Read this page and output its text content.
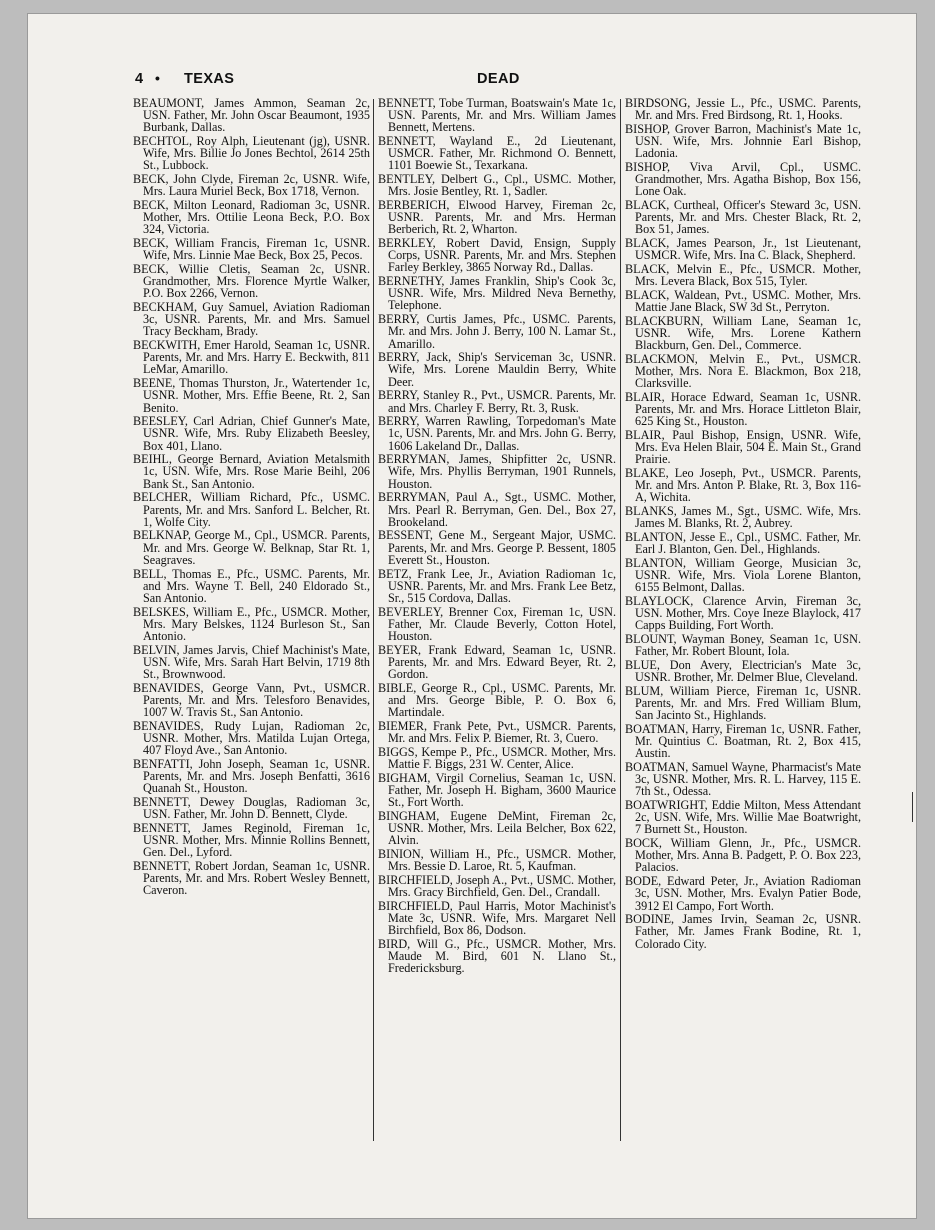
4 • TEXAS	DEAD

BEAUMONT, James Ammon, Seaman 2c, USN. Father, Mr. John Oscar Beaumont, 1935 Burbank, Dallas.

BECHTOL, Roy Alph, Lieutenant (jg), USNR. Wife, Mrs. Billie Jo Jones Bechtol, 2614 25th St., Lubbock.

BECK, John Clyde, Fireman 2c, USNR. Wife, Mrs. Laura Muriel Beck, Box 1718, Vernon.

BECK, Milton Leonard, Radioman 3c, USNR. Mother, Mrs. Ottilie Leona Beck, P.O. Box 324, Victoria.

BECK, William Francis, Fireman 1c, USNR. Wife, Mrs. Linnie Mae Beck, Box 25, Pecos.

BECK, Willie Cletis, Seaman 2c, USNR. Grandmother, Mrs. Florence Myrtle Walker, P.O. Box 2266, Vernon.

BECKHAM, Guy Samuel, Aviation Radioman 3c, USNR. Parents, Mr. and Mrs. Samuel Tracy Beckham, Brady.

BECKWITH, Emer Harold, Seaman 1c, USNR. Parents, Mr. and Mrs. Harry E. Beckwith, 811 LeMar, Amarillo.

BEENE, Thomas Thurston, Jr., Watertender 1c, USNR. Mother, Mrs. Effie Beene, Rt. 2, San Benito.

BEESLEY, Carl Adrian, Chief Gunner's Mate, USNR. Wife, Mrs. Ruby Elizabeth Beesley, Box 401, Llano.

BEIHL, George Bernard, Aviation Metalsmith 1c, USN. Wife, Mrs. Rose Marie Beihl, 206 Bank St., San Antonio.

BELCHER, William Richard, Pfc., USMC. Parents, Mr. and Mrs. Sanford L. Belcher, Rt. 1, Wolfe City.

BELKNAP, George M., Cpl., USMCR. Parents, Mr. and Mrs. George W. Belknap, Star Rt. 1, Seagraves.

BELL, Thomas E., Pfc., USMC. Parents, Mr. and Mrs. Wayne T. Bell, 240 Eldorado St., San Antonio.

BELSKES, William E., Pfc., USMCR. Mother, Mrs. Mary Belskes, 1124 Burleson St., San Antonio.

BELVIN, James Jarvis, Chief Machinist's Mate, USN. Wife, Mrs. Sarah Hart Belvin, 1719 8th St., Brownwood.

BENAVIDES, George Vann, Pvt., USMCR. Parents, Mr. and Mrs. Telesforo Benavides, 1007 W. Travis St., San Antonio.

BENAVIDES, Rudy Lujan, Radioman 2c, USNR. Mother, Mrs. Matilda Lujan Ortega, 407 Floyd Ave., San Antonio.

BENFATTI, John Joseph, Seaman 1c, USNR. Parents, Mr. and Mrs. Joseph Benfatti, 3616 Quanah St., Houston.

BENNETT, Dewey Douglas, Radioman 3c, USN. Father, Mr. John D. Bennett, Clyde.

BENNETT, James Reginold, Fireman 1c, USNR. Mother, Mrs. Minnie Rollins Bennett, Gen. Del., Lyford.

BENNETT, Robert Jordan, Seaman 1c, USNR. Parents, Mr. and Mrs. Robert Wesley Bennett, Caveron.

BENNETT, Tobe Turman, Boatswain's Mate 1c, USN. Parents, Mr. and Mrs. William James Bennett, Mertens.

BENNETT, Wayland E., 2d Lieutenant, USMCR. Father, Mr. Richmond O. Bennett, 1101 Boewie St., Texarkana.

BENTLEY, Delbert G., Cpl., USMC. Mother, Mrs. Josie Bentley, Rt. 1, Sadler.

BERBERICH, Elwood Harvey, Fireman 2c, USNR. Parents, Mr. and Mrs. Herman Berberich, Rt. 2, Wharton.

BERKLEY, Robert David, Ensign, Supply Corps, USNR. Parents, Mr. and Mrs. Stephen Farley Berkley, 3865 Norway Rd., Dallas.

BERNETHY, James Franklin, Ship's Cook 3c, USNR. Wife, Mrs. Mildred Neva Bernethy, Telephone.

BERRY, Curtis James, Pfc., USMC. Parents, Mr. and Mrs. John J. Berry, 100 N. Lamar St., Amarillo.

BERRY, Jack, Ship's Serviceman 3c, USNR. Wife, Mrs. Lorene Mauldin Berry, White Deer.

BERRY, Stanley R., Pvt., USMCR. Parents, Mr. and Mrs. Charley F. Berry, Rt. 3, Rusk.

BERRY, Warren Rawling, Torpedoman's Mate 1c, USN. Parents, Mr. and Mrs. John G. Berry, 1606 Lakeland Dr., Dallas.

BERRYMAN, James, Shipfitter 2c, USNR. Wife, Mrs. Phyllis Berryman, 1901 Runnels, Houston.

BERRYMAN, Paul A., Sgt., USMC. Mother, Mrs. Pearl R. Berryman, Gen. Del., Box 27, Brookeland.

BESSENT, Gene M., Sergeant Major, USMC. Parents, Mr. and Mrs. George P. Bessent, 1805 Everett St., Houston.

BETZ, Frank Lee, Jr., Aviation Radioman 1c, USNR. Parents, Mr. and Mrs. Frank Lee Betz, Sr., 515 Cordova, Dallas.

BEVERLEY, Brenner Cox, Fireman 1c, USN. Father, Mr. Claude Beverly, Cotton Hotel, Houston.

BEYER, Frank Edward, Seaman 1c, USNR. Parents, Mr. and Mrs. Edward Beyer, Rt. 2, Gordon.

BIBLE, George R., Cpl., USMC. Parents, Mr. and Mrs. George Bible, P. O. Box 6, Martindale.

BIEMER, Frank Pete, Pvt., USMCR. Parents, Mr. and Mrs. Felix P. Biemer, Rt. 3, Cuero.

BIGGS, Kempe P., Pfc., USMCR. Mother, Mrs. Mattie F. Biggs, 231 W. Center, Alice.

BIGHAM, Virgil Cornelius, Seaman 1c, USN. Father, Mr. Joseph H. Bigham, 3600 Maurice St., Fort Worth.

BINGHAM, Eugene DeMint, Fireman 2c, USNR. Mother, Mrs. Leila Belcher, Box 622, Alvin.

BINION, William H., Pfc., USMCR. Mother, Mrs. Bessie D. Laroe, Rt. 5, Kaufman.

BIRCHFIELD, Joseph A., Pvt., USMC. Mother, Mrs. Gracy Birchfield, Gen. Del., Crandall.

BIRCHFIELD, Paul Harris, Motor Machinist's Mate 3c, USNR. Wife, Mrs. Margaret Nell Birchfield, Box 86, Dodson.

BIRD, Will G., Pfc., USMCR. Mother, Mrs. Maude M. Bird, 601 N. Llano St., Fredericksburg.

BIRDSONG, Jessie L., Pfc., USMC. Parents, Mr. and Mrs. Fred Birdsong, Rt. 1, Hooks.

BISHOP, Grover Barron, Machinist's Mate 1c, USN. Wife, Mrs. Johnnie Earl Bishop, Ladonia.

BISHOP, Viva Arvil, Cpl., USMC. Grandmother, Mrs. Agatha Bishop, Box 156, Lone Oak.

BLACK, Curtheal, Officer's Steward 3c, USN. Parents, Mr. and Mrs. Chester Black, Rt. 2, Box 51, James.

BLACK, James Pearson, Jr., 1st Lieutenant, USMCR. Wife, Mrs. Ina C. Black, Shepherd.

BLACK, Melvin E., Pfc., USMCR. Mother, Mrs. Levera Black, Box 515, Tyler.

BLACK, Waldean, Pvt., USMC. Mother, Mrs. Mattie Jane Black, SW 3d St., Perryton.

BLACKBURN, William Lane, Seaman 1c, USNR. Wife, Mrs. Lorene Kathern Blackburn, Gen. Del., Commerce.

BLACKMON, Melvin E., Pvt., USMCR. Mother, Mrs. Nora E. Blackmon, Box 218, Clarksville.

BLAIR, Horace Edward, Seaman 1c, USNR. Parents, Mr. and Mrs. Horace Littleton Blair, 625 King St., Houston.

BLAIR, Paul Bishop, Ensign, USNR. Wife, Mrs. Eva Helen Blair, 504 E. Main St., Grand Prairie.

BLAKE, Leo Joseph, Pvt., USMCR. Parents, Mr. and Mrs. Anton P. Blake, Rt. 3, Box 116-A, Wichita.

BLANKS, James M., Sgt., USMC. Wife, Mrs. James M. Blanks, Rt. 2, Aubrey.

BLANTON, Jesse E., Cpl., USMC. Father, Mr. Earl J. Blanton, Gen. Del., Highlands.

BLANTON, William George, Musician 3c, USNR. Wife, Mrs. Viola Lorene Blanton, 6155 Belmont, Dallas.

BLAYLOCK, Clarence Arvin, Fireman 3c, USN. Mother, Mrs. Coye Ineze Blaylock, 417 Capps Building, Fort Worth.

BLOUNT, Wayman Boney, Seaman 1c, USN. Father, Mr. Robert Blount, Iola.

BLUE, Don Avery, Electrician's Mate 3c, USNR. Brother, Mr. Delmer Blue, Cleveland.

BLUM, William Pierce, Fireman 1c, USNR. Parents, Mr. and Mrs. Fred William Blum, San Jacinto St., Highlands.

BOATMAN, Harry, Fireman 1c, USNR. Father, Mr. Quintius C. Boatman, Rt. 2, Box 415, Austin.

BOATMAN, Samuel Wayne, Pharmacist's Mate 3c, USNR. Mother, Mrs. R. L. Harvey, 115 E. 7th St., Odessa.

BOATWRIGHT, Eddie Milton, Mess Attendant 2c, USN. Wife, Mrs. Willie Mae Boatwright, 7 Burnett St., Houston.

BOCK, William Glenn, Jr., Pfc., USMCR. Mother, Mrs. Anna B. Padgett, P. O. Box 223, Palacios.

BODE, Edward Peter, Jr., Aviation Radioman 3c, USN. Mother, Mrs. Evalyn Patier Bode, 3912 El Campo, Fort Worth.

BODINE, James Irvin, Seaman 2c, USNR. Father, Mr. James Frank Bodine, Rt. 1, Colorado City.
